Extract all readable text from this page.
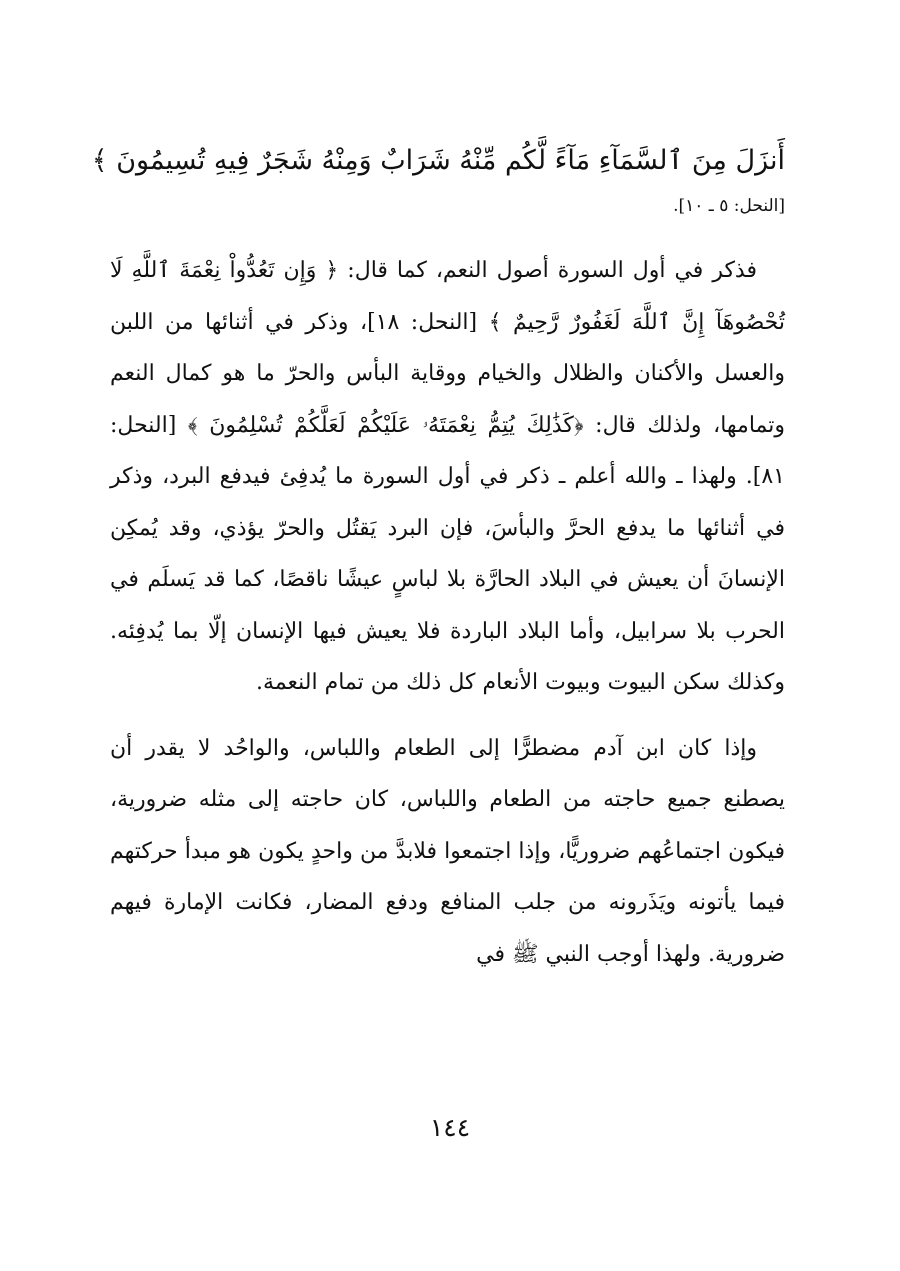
أَنزَلَ مِنَ ٱلسَّمَآءِ مَآءً لَّكُم مِّنْهُ شَرَابٌ وَمِنْهُ شَجَرٌ فِيهِ تُسِيمُونَ ﴾

[النحل: ٥ ـ ١٠].

فذكر في أول السورة أصول النعم، كما قال: ﴿ وَإِن تَعُدُّواْ نِعْمَةَ ٱللَّهِ لَا تُحْصُوهَآ إِنَّ ٱللَّهَ لَغَفُورٌ رَّحِيمٌ ﴾ [النحل: ١٨]، وذكر في أثنائها من اللبن والعسل والأكنان والظلال والخيام ووقاية البأس والحرّ ما هو كمال النعم وتمامها، ولذلك قال: ﴿كَذَٰلِكَ يُتِمُّ نِعْمَتَهُۥ عَلَيْكُمْ لَعَلَّكُمْ تُسْلِمُونَ ﴾ [النحل: ٨١]. ولهذا ـ والله أعلم ـ ذكر في أول السورة ما يُدفِئ فيدفع البرد، وذكر في أثنائها ما يدفع الحرَّ والبأسَ، فإن البرد يَقتُل والحرّ يؤذي، وقد يُمكِن الإنسانَ أن يعيش في البلاد الحارَّة بلا لباسٍ عيشًا ناقصًا، كما قد يَسلَم في الحرب بلا سرابيل، وأما البلاد الباردة فلا يعيش فيها الإنسان إلّا بما يُدفِئه. وكذلك سكن البيوت وبيوت الأنعام كل ذلك من تمام النعمة.

وإذا كان ابن آدم مضطرًّا إلى الطعام واللباس، والواحُد لا يقدر أن يصطنع جميع حاجته من الطعام واللباس، كان حاجته إلى مثله ضرورية، فيكون اجتماعُهم ضروريًّا، وإذا اجتمعوا فلابدَّ من واحدٍ يكون هو مبدأ حركتهم فيما يأتونه ويَذَرونه من جلب المنافع ودفع المضار، فكانت الإمارة فيهم ضرورية. ولهذا أوجب النبي ﷺ في

١٤٤
